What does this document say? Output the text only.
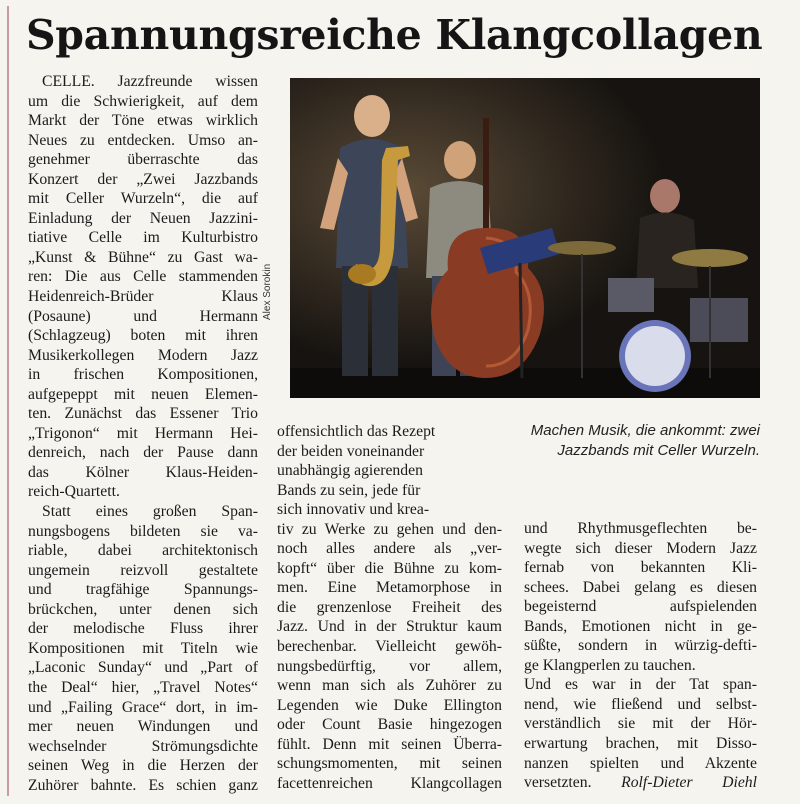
Spannungsreiche Klangcollagen
CELLE. Jazzfreunde wissen
um die Schwierigkeit, auf dem
Markt der Töne etwas wirklich
Neues zu entdecken. Umso an-
genehmer überraschte das
Konzert der „Zwei Jazzbands
mit Celler Wurzeln“, die auf
Einladung der Neuen Jazzini-
tiative Celle im Kulturbistro
„Kunst & Bühne“ zu Gast wa-
ren: Die aus Celle stammenden
Heidenreich-Brüder Klaus
(Posaune) und Hermann
(Schlagzeug) boten mit ihren
Musikerkollegen Modern Jazz
in frischen Kompositionen,
aufgepeppt mit neuen Elemen-
ten. Zunächst das Essener Trio
„Trigonon“ mit Hermann Hei-
denreich, nach der Pause dann
das Kölner Klaus-Heiden-
reich-Quartett.
Statt eines großen Span-
nungsbogens bildeten sie va-
riable, dabei architektonisch
ungemein reizvoll gestaltete
und tragfähige Spannungs-
brückchen, unter denen sich
der melodische Fluss ihrer
Kompositionen mit Titeln wie
„Laconic Sunday“ und „Part of
the Deal“ hier, „Travel Notes“
und „Failing Grace“ dort, in im-
mer neuen Windungen und
wechselnder Strömungsdichte
seinen Weg in die Herzen der
Zuhörer bahnte. Es schien ganz
Alex Sorokin
Machen Musik, die ankommt: zwei
Jazzbands mit Celler Wurzeln.
offensichtlich das Rezept
der beiden voneinander
unabhängig agierenden
Bands zu sein, jede für
sich innovativ und krea-
tiv zu Werke zu gehen und den-
noch alles andere als „ver-
kopft“ über die Bühne zu kom-
men. Eine Metamorphose in
die grenzenlose Freiheit des
Jazz. Und in der Struktur kaum
berechenbar. Vielleicht gewöh-
nungsbedürftig, vor allem,
wenn man sich als Zuhörer zu
Legenden wie Duke Ellington
oder Count Basie hingezogen
fühlt. Denn mit seinen Überra-
schungsmomenten, mit seinen
facettenreichen Klangcollagen
und Rhythmusgeflechten be-
wegte sich dieser Modern Jazz
fernab von bekannten Kli-
schees. Dabei gelang es diesen
begeisternd aufspielenden
Bands, Emotionen nicht in ge-
süßte, sondern in würzig-defti-
ge Klangperlen zu tauchen.
Und es war in der Tat span-
nend, wie fließend und selbst-
verständlich sie mit der Hör-
erwartung brachen, mit Disso-
nanzen spielten und Akzente
versetzten. Rolf-Dieter Diehl
